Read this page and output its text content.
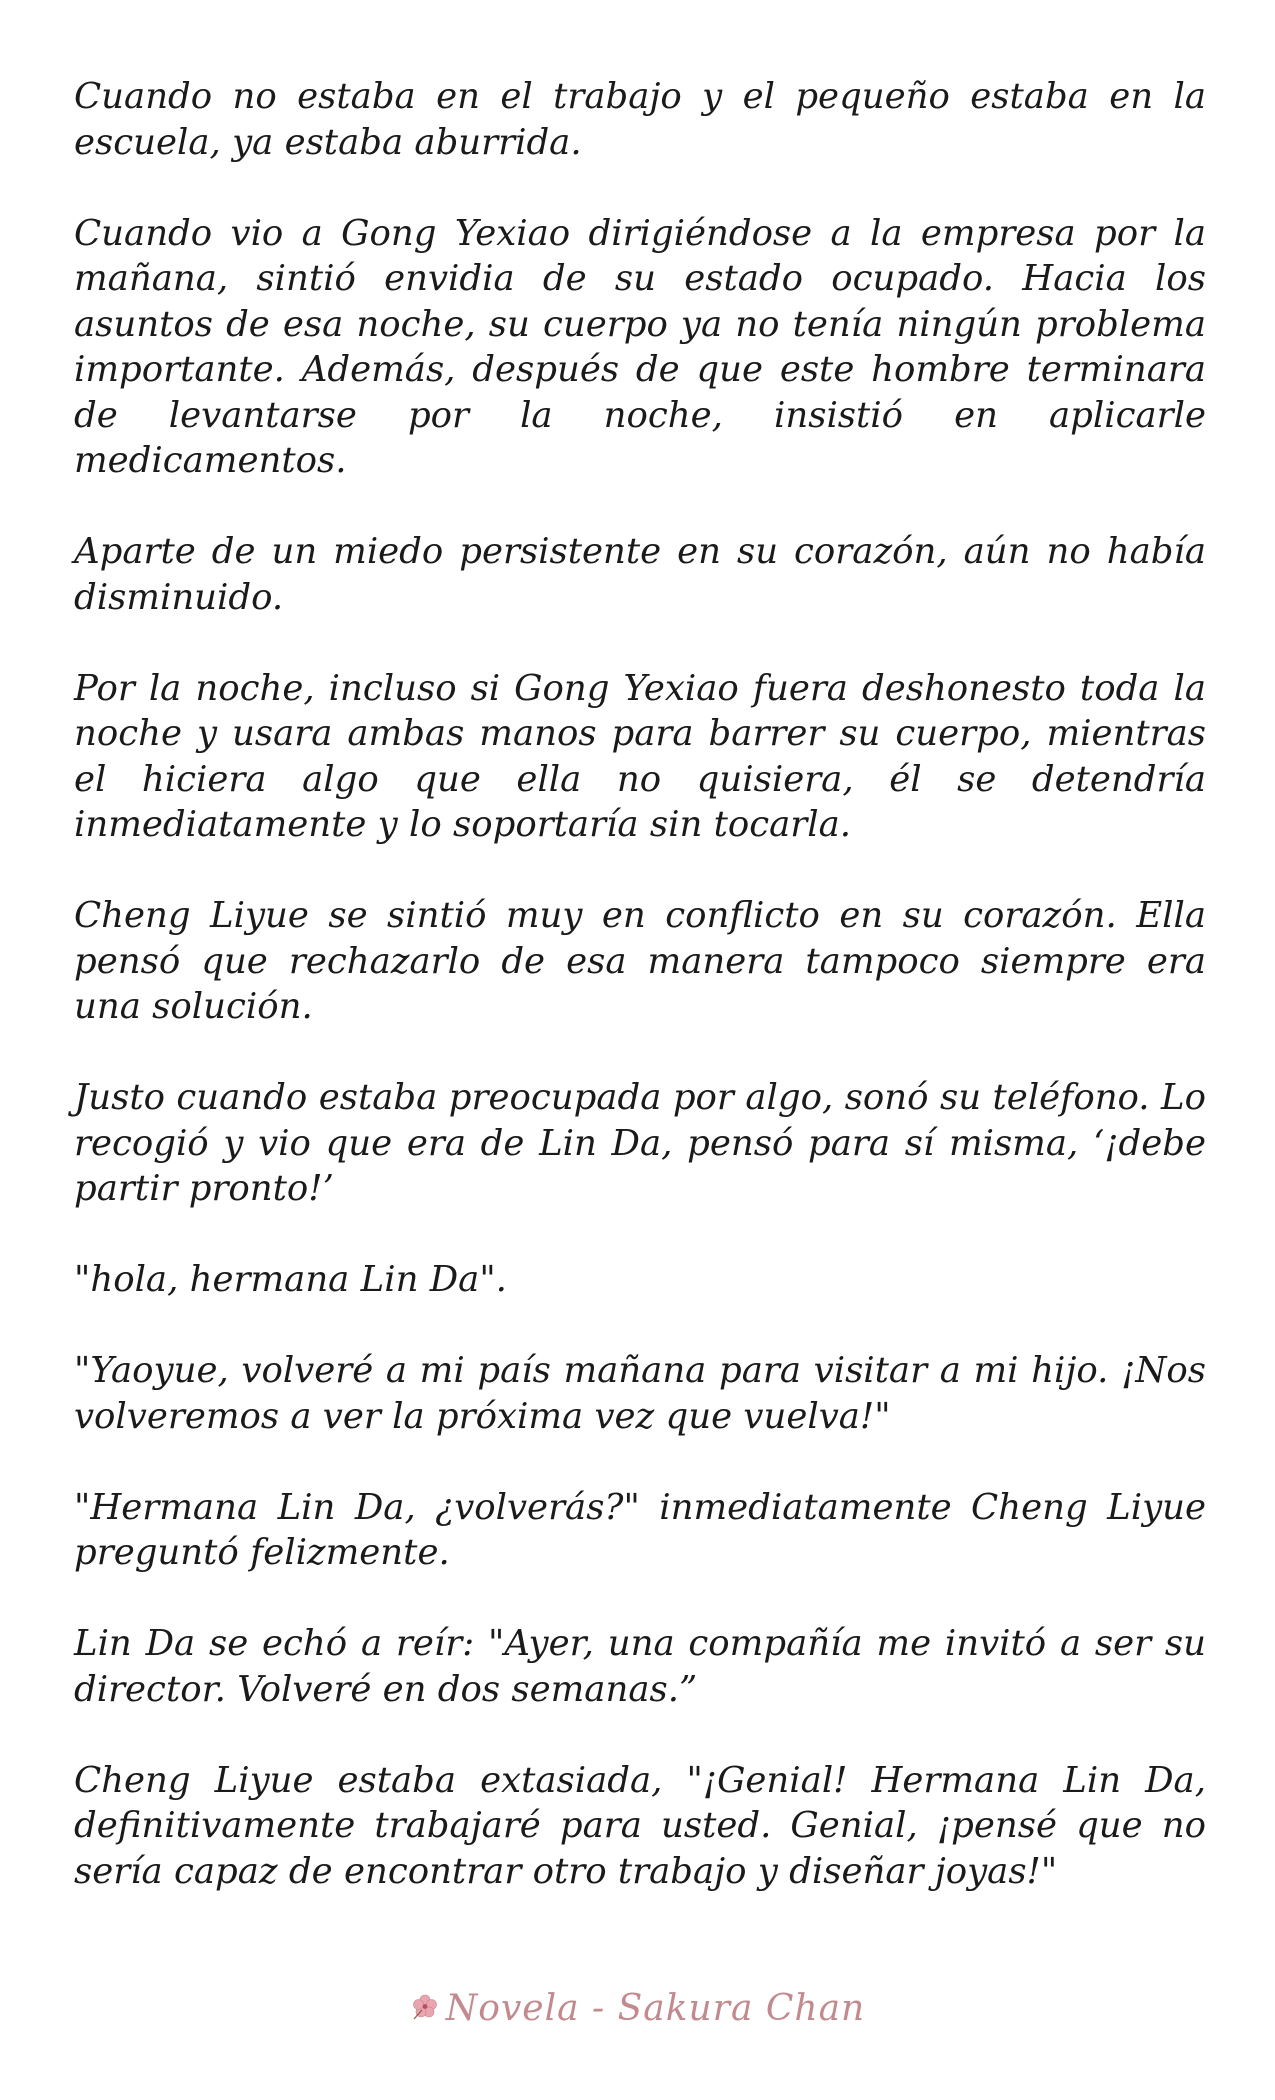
Cuando no estaba en el trabajo y el pequeño estaba en la escuela, ya estaba aburrida.

Cuando vio a Gong Yexiao dirigiéndose a la empresa por la mañana, sintió envidia de su estado ocupado. Hacia los asuntos de esa noche, su cuerpo ya no tenía ningún problema importante. Además, después de que este hombre terminara de levantarse por la noche, insistió en aplicarle medicamentos.

Aparte de un miedo persistente en su corazón, aún no había disminuido.

Por la noche, incluso si Gong Yexiao fuera deshonesto toda la noche y usara ambas manos para barrer su cuerpo, mientras el hiciera algo que ella no quisiera, él se detendría inmediatamente y lo soportaría sin tocarla.

Cheng Liyue se sintió muy en conflicto en su corazón. Ella pensó que rechazarlo de esa manera tampoco siempre era una solución.

Justo cuando estaba preocupada por algo, sonó su teléfono. Lo recogió y vio que era de Lin Da, pensó para sí misma, ‘¡debe partir pronto!’

"hola, hermana Lin Da".

"Yaoyue, volveré a mi país mañana para visitar a mi hijo. ¡Nos volveremos a ver la próxima vez que vuelva!"

"Hermana Lin Da, ¿volverás?" inmediatamente Cheng Liyue preguntó felizmente.

Lin Da se echó a reír: "Ayer, una compañía me invitó a ser su director. Volveré en dos semanas.”

Cheng Liyue estaba extasiada, "¡Genial! Hermana Lin Da, definitivamente trabajaré para usted. Genial, ¡pensé que no sería capaz de encontrar otro trabajo y diseñar joyas!"

Novela - Sakura Chan
